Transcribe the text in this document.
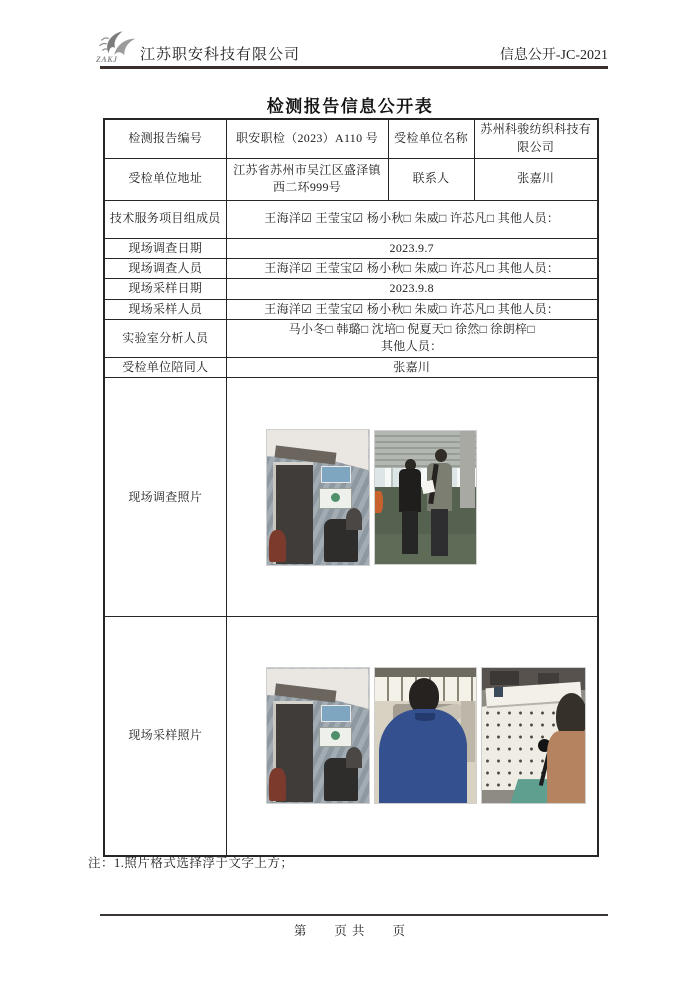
ZAKJ 江苏职安科技有限公司	信息公开-JC-2021
检测报告信息公开表
检测报告编号	职安职检（2023）A110 号	受检单位名称	苏州科骏纺织科技有限公司
受检单位地址	江苏省苏州市吴江区盛泽镇西二环999号	联系人	张嘉川
技术服务项目组成员	王海洋☑ 王莹宝☑ 杨小秋□ 朱威□ 许芯凡□ 其他人员：		
现场调查日期	2023.9.7		
现场调查人员	王海洋☑ 王莹宝☑ 杨小秋□ 朱威□ 许芯凡□ 其他人员：		
现场采样日期	2023.9.8		
现场采样人员	王海洋☑ 王莹宝☑ 杨小秋□ 朱威□ 许芯凡□ 其他人员：		
实验室分析人员	马小冬□ 韩璐□ 沈培□ 倪夏天□ 徐然□ 徐朗梓□
其他人员：		

受检单位陪同人	张嘉川		
现场调查照片			

现场采样照片			
注：1.照片格式选择浮于文字上方；
第　　页 共　　页
